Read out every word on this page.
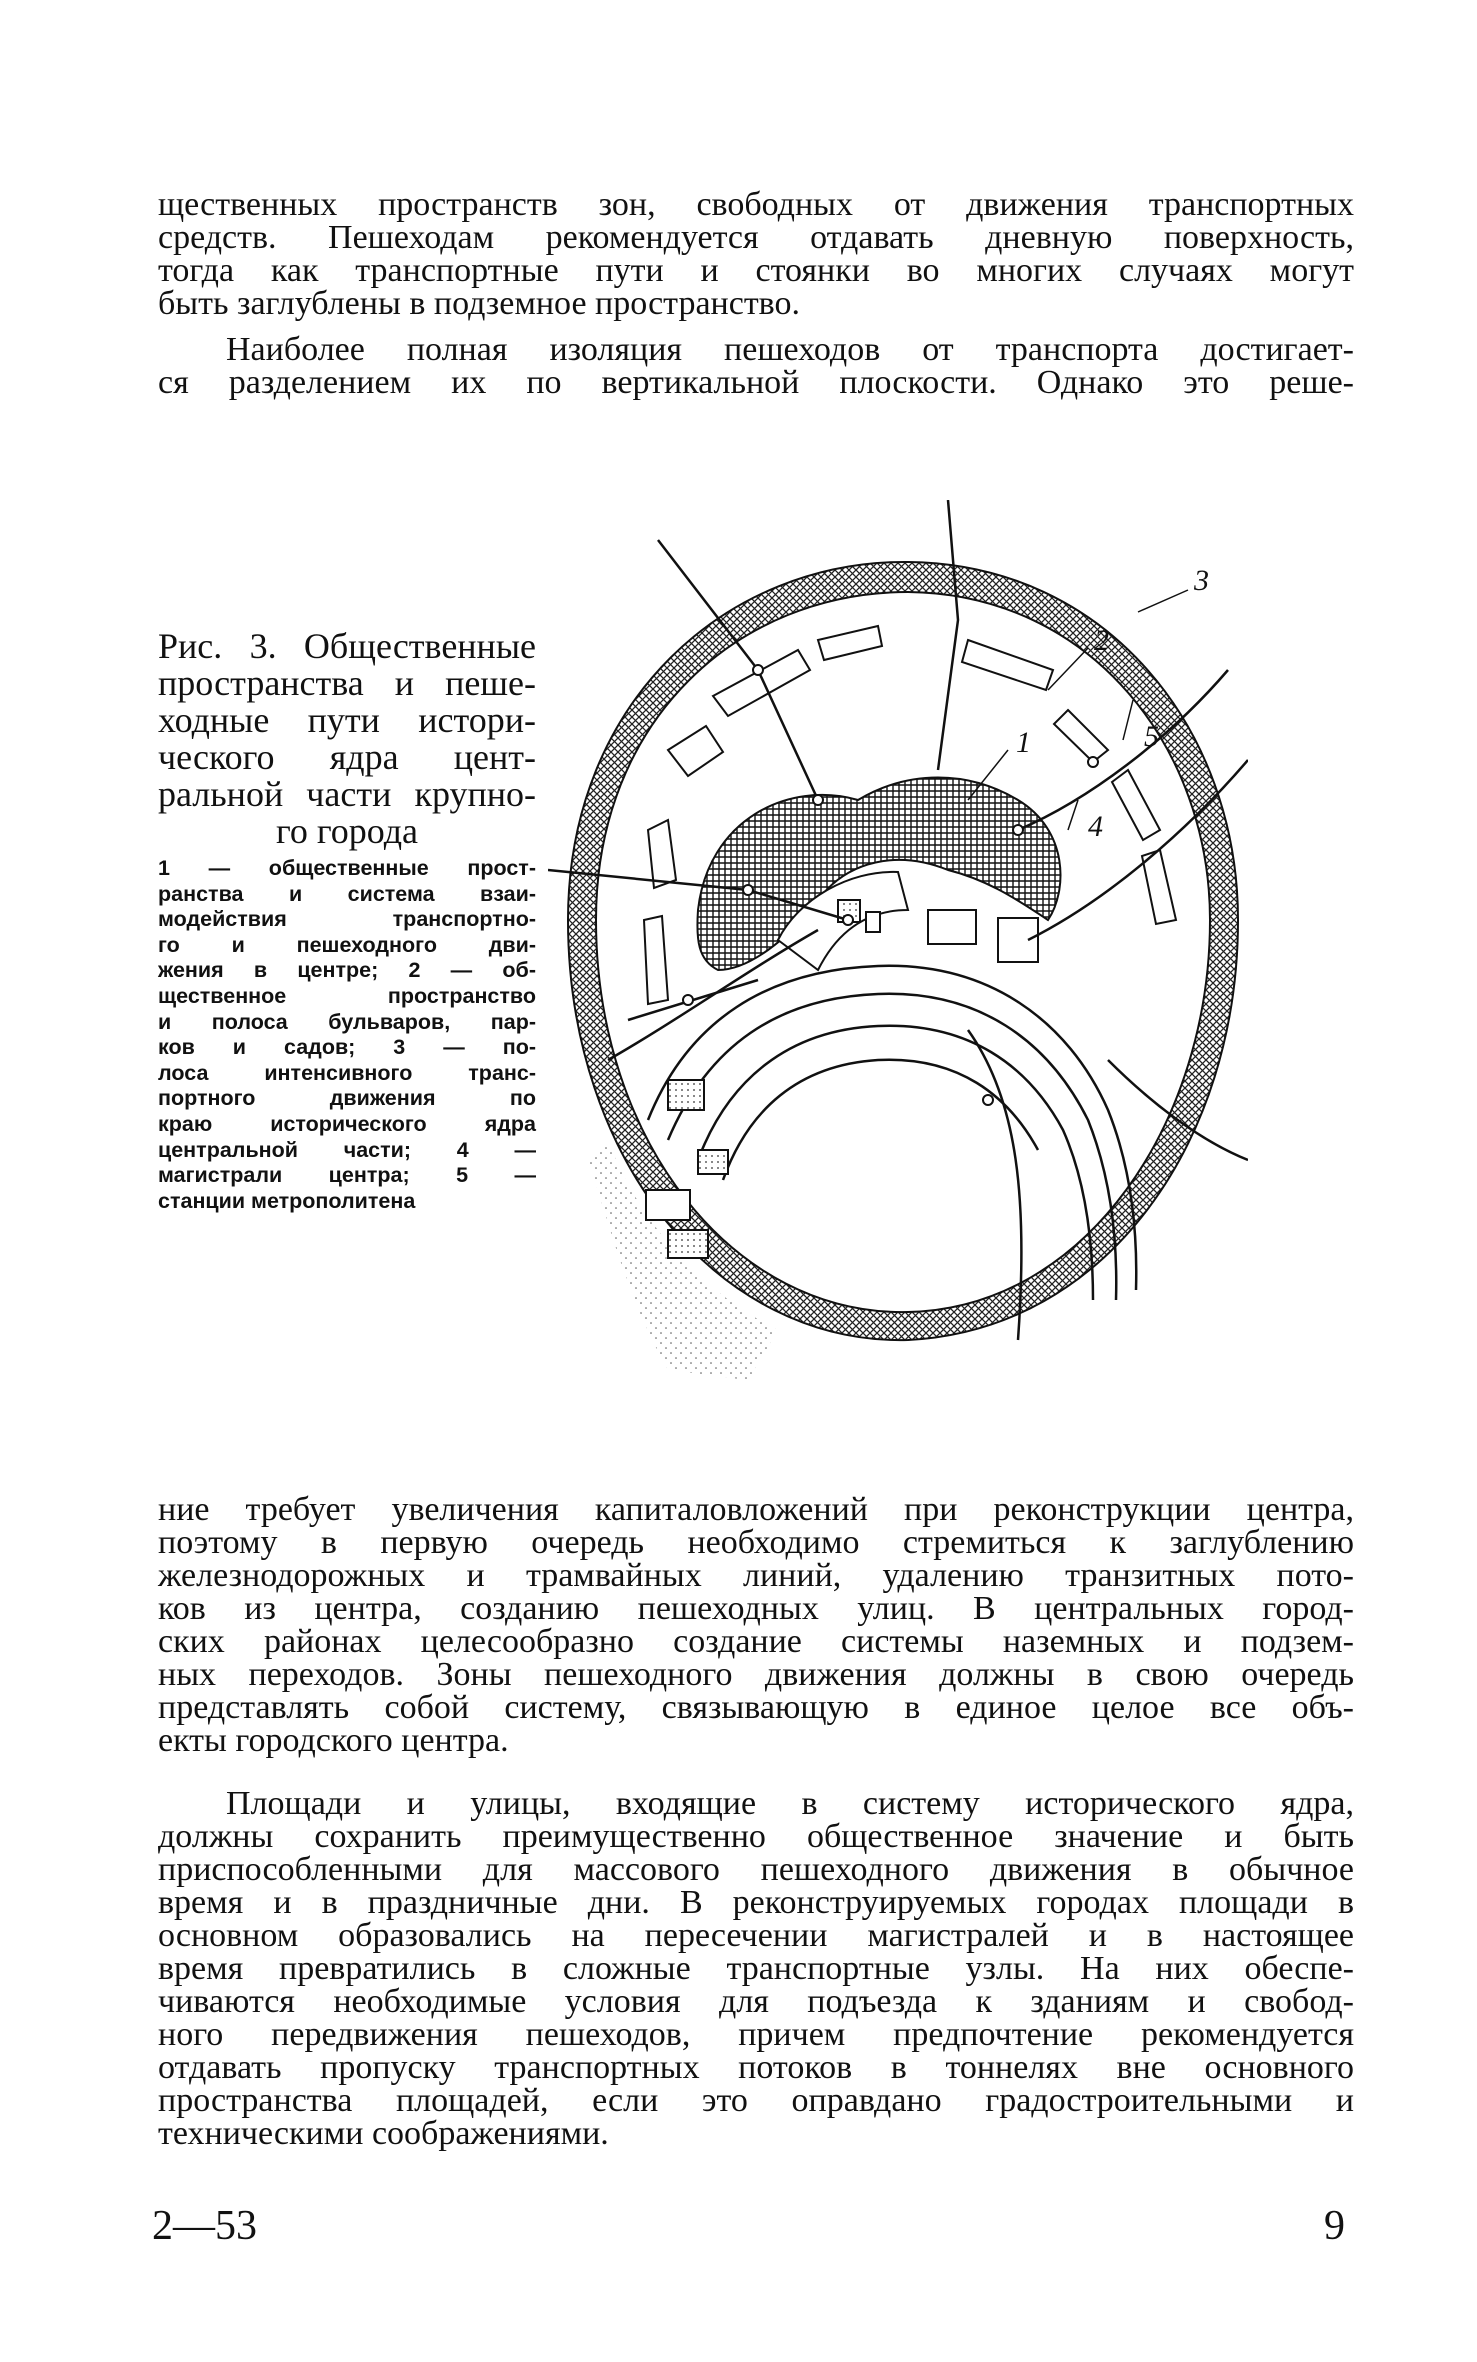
щественных пространств зон, свободных от движения транспортных
средств. Пешеходам рекомендуется отдавать дневную поверхность,
тогда как транспортные пути и стоянки во многих случаях могут
быть заглублены в подземное пространство.
Наиболее полная изоляция пешеходов от транспорта достигает-
ся разделением их по вертикальной плоскости. Однако это реше-
Рис. 3. Общественные
пространства и пеше-
ходные пути истори-
ческого ядра цент-
ральной части крупно-
го города
1 — общественные прост-
ранства и система взаи-
модействия транспортно-
го и пешеходного дви-
жения в центре; 2 — об-
щественное пространство
и полоса бульваров, пар-
ков и садов; 3 — по-
лоса интенсивного транс-
портного движения по
краю исторического ядра
центральной части; 4 —
магистрали центра; 5 —
станции метрополитена
1
2
3
4
5
ние требует увеличения капиталовложений при реконструкции центра,
поэтому в первую очередь необходимо стремиться к заглублению
железнодорожных и трамвайных линий, удалению транзитных пото-
ков из центра, созданию пешеходных улиц. В центральных город-
ских районах целесообразно создание системы наземных и подзем-
ных переходов. Зоны пешеходного движения должны в свою очередь
представлять собой систему, связывающую в единое целое все объ-
екты городского центра.
Площади и улицы, входящие в систему исторического ядра,
должны сохранить преимущественно общественное значение и быть
приспособленными для массового пешеходного движения в обычное
время и в праздничные дни. В реконструируемых городах площади в
основном образовались на пересечении магистралей и в настоящее
время превратились в сложные транспортные узлы. На них обеспе-
чиваются необходимые условия для подъезда к зданиям и свобод-
ного передвижения пешеходов, причем предпочтение рекомендуется
отдавать пропуску транспортных потоков в тоннелях вне основного
пространства площадей, если это оправдано градостроительными и
техническими соображениями.

2—53	9
